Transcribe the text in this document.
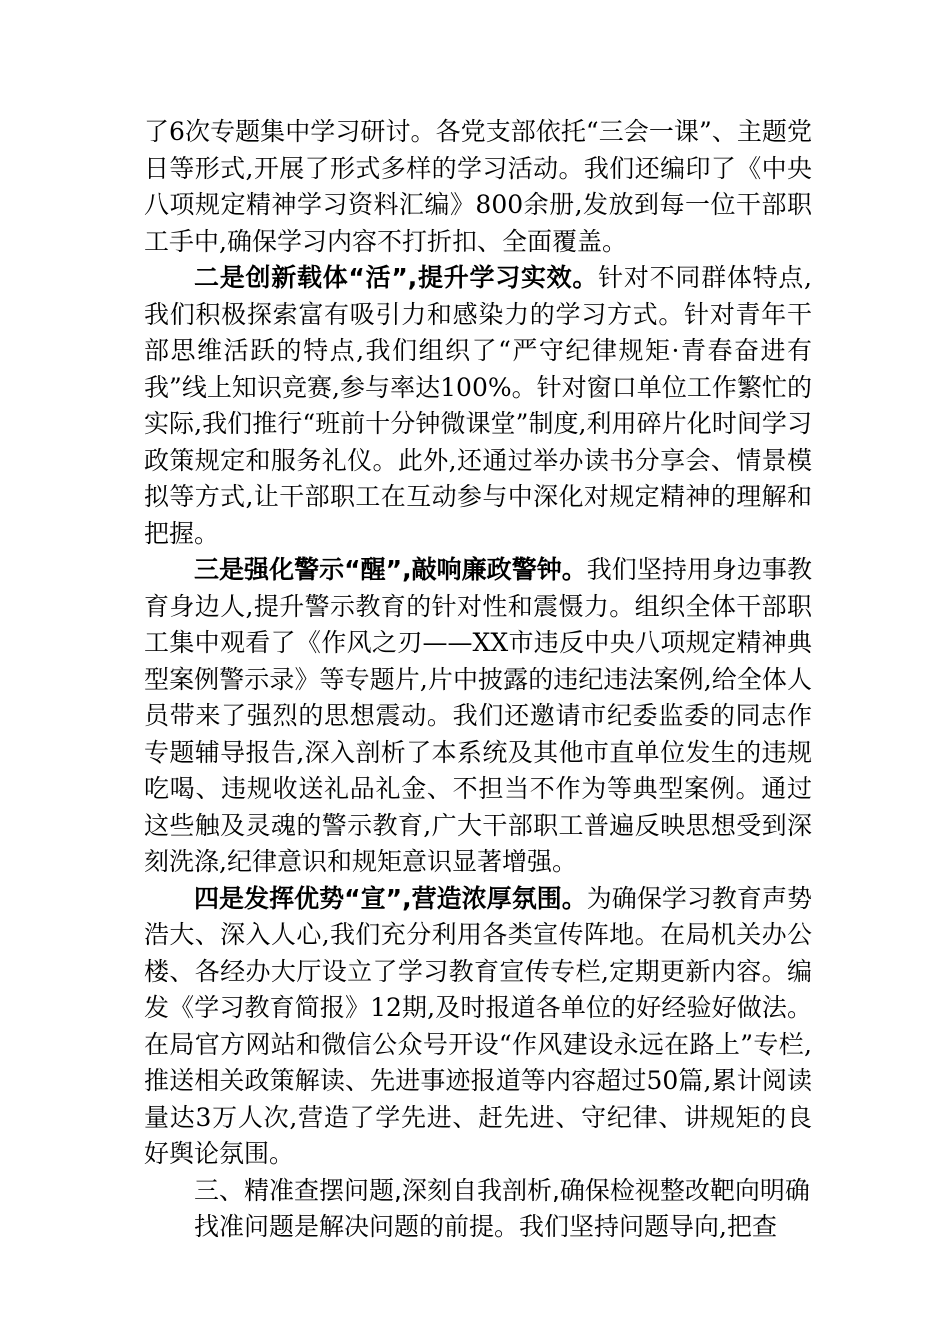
了6次专题集中学习研讨。各党支部依托“三会一课”、主题党日等形式,开展了形式多样的学习活动。我们还编印了《中央八项规定精神学习资料汇编》800余册,发放到每一位干部职工手中,确保学习内容不打折扣、全面覆盖。

二是创新载体“活”,提升学习实效。针对不同群体特点,我们积极探索富有吸引力和感染力的学习方式。针对青年干部思维活跃的特点,我们组织了“严守纪律规矩·青春奋进有我”线上知识竞赛,参与率达100%。针对窗口单位工作繁忙的实际,我们推行“班前十分钟微课堂”制度,利用碎片化时间学习政策规定和服务礼仪。此外,还通过举办读书分享会、情景模拟等方式,让干部职工在互动参与中深化对规定精神的理解和把握。

三是强化警示“醒”,敲响廉政警钟。我们坚持用身边事教育身边人,提升警示教育的针对性和震慑力。组织全体干部职工集中观看了《作风之刃——XX市违反中央八项规定精神典型案例警示录》等专题片,片中披露的违纪违法案例,给全体人员带来了强烈的思想震动。我们还邀请市纪委监委的同志作专题辅导报告,深入剖析了本系统及其他市直单位发生的违规吃喝、违规收送礼品礼金、不担当不作为等典型案例。通过这些触及灵魂的警示教育,广大干部职工普遍反映思想受到深刻洗涤,纪律意识和规矩意识显著增强。

四是发挥优势“宣”,营造浓厚氛围。为确保学习教育声势浩大、深入人心,我们充分利用各类宣传阵地。在局机关办公楼、各经办大厅设立了学习教育宣传专栏,定期更新内容。编发《学习教育简报》12期,及时报道各单位的好经验好做法。在局官方网站和微信公众号开设“作风建设永远在路上”专栏,推送相关政策解读、先进事迹报道等内容超过50篇,累计阅读量达3万人次,营造了学先进、赶先进、守纪律、讲规矩的良好舆论氛围。

三、精准查摆问题,深刻自我剖析,确保检视整改靶向明确

找准问题是解决问题的前提。我们坚持问题导向,把查
